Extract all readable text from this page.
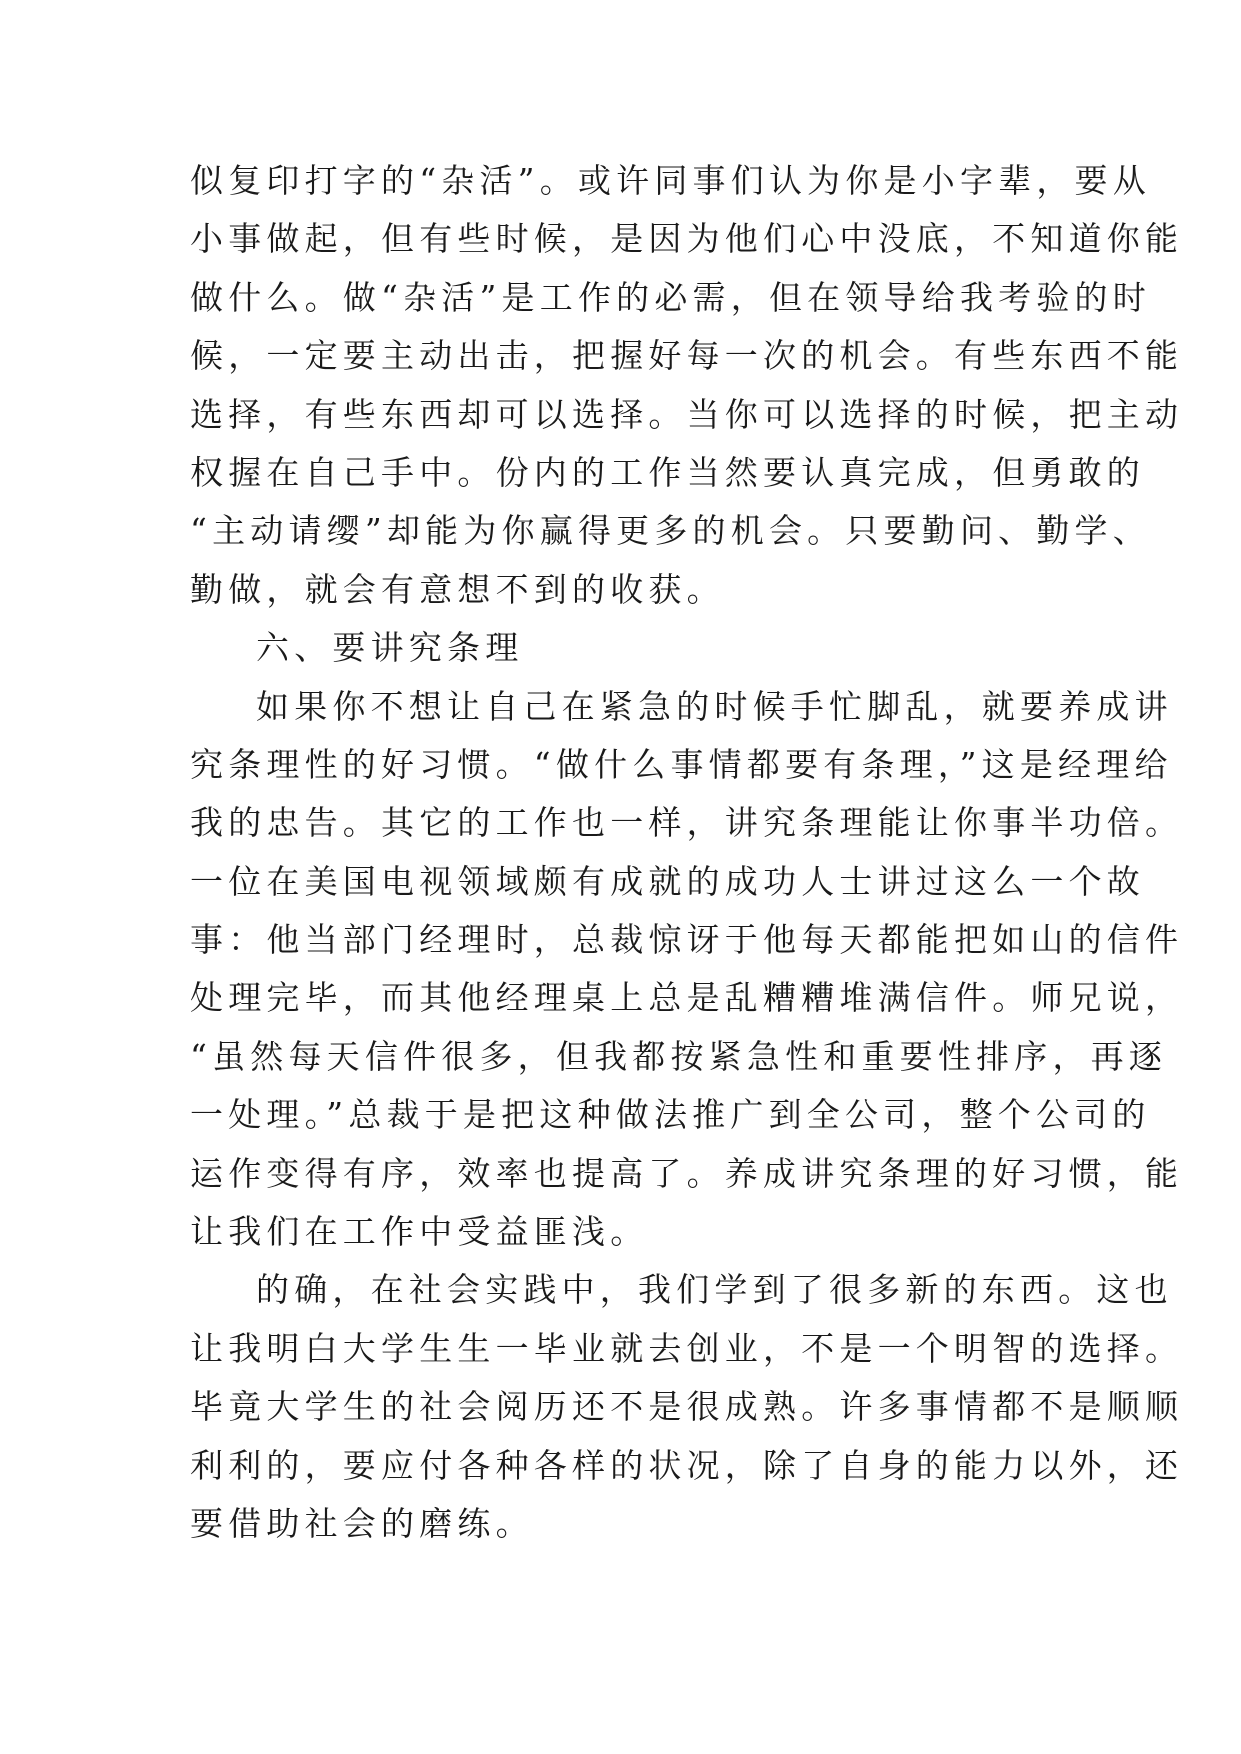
似复印打字的“杂活”。或许同事们认为你是小字辈，要从
小事做起，但有些时候，是因为他们心中没底，不知道你能
做什么。做“杂活”是工作的必需，但在领导给我考验的时
候，一定要主动出击，把握好每一次的机会。有些东西不能
选择，有些东西却可以选择。当你可以选择的时候，把主动
权握在自己手中。份内的工作当然要认真完成，但勇敢的
“主动请缨”却能为你赢得更多的机会。只要勤问、勤学、
勤做，就会有意想不到的收获。
六、要讲究条理
如果你不想让自己在紧急的时候手忙脚乱，就要养成讲
究条理性的好习惯。“做什么事情都要有条理，”这是经理给
我的忠告。其它的工作也一样，讲究条理能让你事半功倍。
一位在美国电视领域颇有成就的成功人士讲过这么一个故
事：他当部门经理时，总裁惊讶于他每天都能把如山的信件
处理完毕，而其他经理桌上总是乱糟糟堆满信件。师兄说，
“虽然每天信件很多，但我都按紧急性和重要性排序，再逐
一处理。”总裁于是把这种做法推广到全公司，整个公司的
运作变得有序，效率也提高了。养成讲究条理的好习惯，能
让我们在工作中受益匪浅。
的确，在社会实践中，我们学到了很多新的东西。这也
让我明白大学生生一毕业就去创业，不是一个明智的选择。
毕竟大学生的社会阅历还不是很成熟。许多事情都不是顺顺
利利的，要应付各种各样的状况，除了自身的能力以外，还
要借助社会的磨练。
